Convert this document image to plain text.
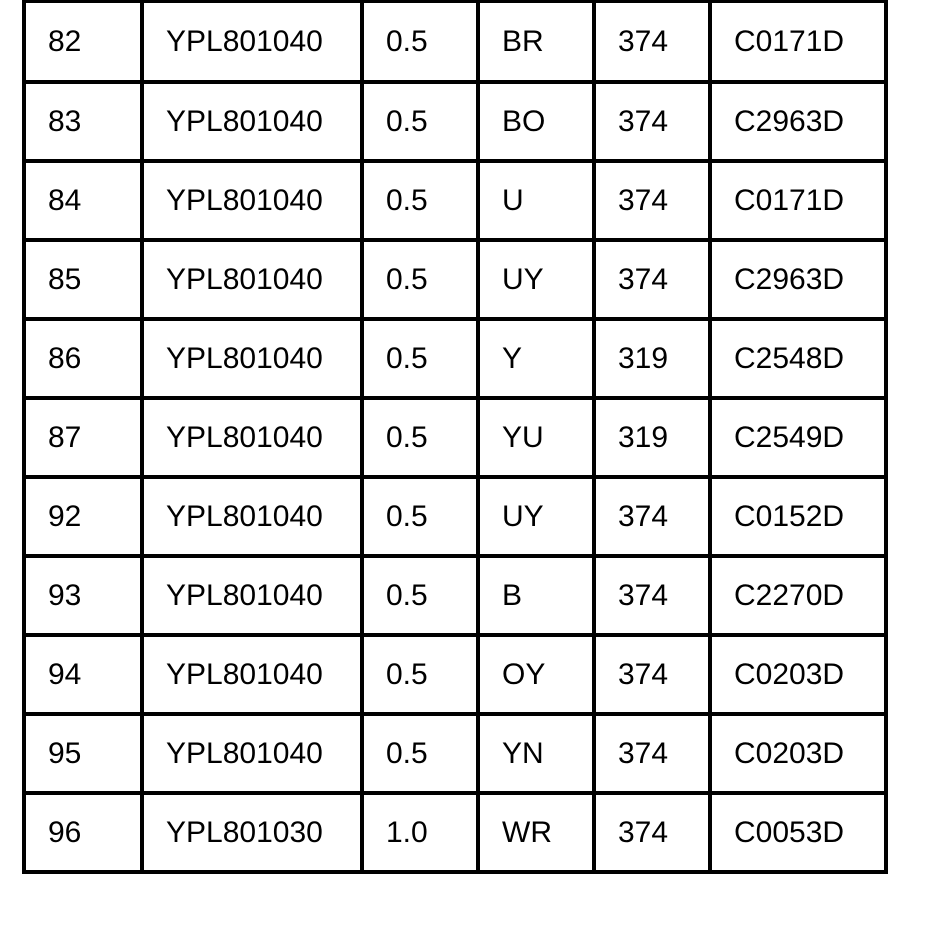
82	YPL801040	0.5	BR	374	C0171D
83	YPL801040	0.5	BO	374	C2963D
84	YPL801040	0.5	U	374	C0171D
85	YPL801040	0.5	UY	374	C2963D
86	YPL801040	0.5	Y	319	C2548D
87	YPL801040	0.5	YU	319	C2549D
92	YPL801040	0.5	UY	374	C0152D
93	YPL801040	0.5	B	374	C2270D
94	YPL801040	0.5	OY	374	C0203D
95	YPL801040	0.5	YN	374	C0203D
96	YPL801030	1.0	WR	374	C0053D
